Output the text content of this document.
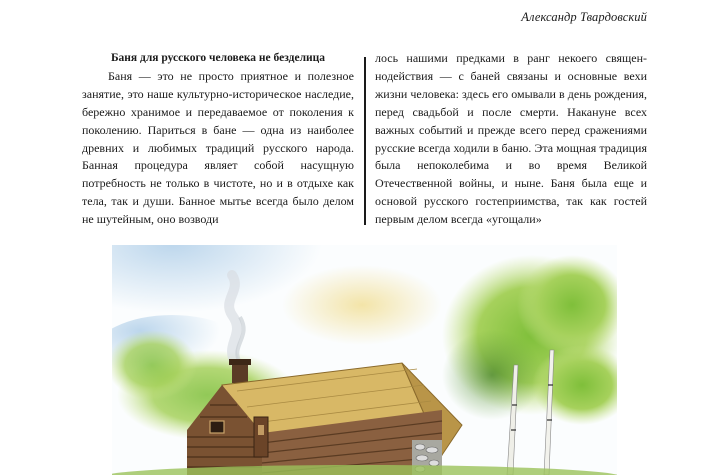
Александр Твардовский

Баня для русского человека не безделица

Баня — это не просто приятное и полезное занятие, это наше культурно-историческое наследие, бережно хранимое и передаваемое от поколения к поколению. Париться в бане — одна из наиболее древних и любимых традиций русского народа. Банная процедура являет собой насущную потребность не только в чистоте, но и в отдыхе как тела, так и души. Банное мытье всегда было делом не шутейным, оно возводи

лось нашими предками в ранг некоего священнодействия — с баней связаны и основные вехи жизни человека: здесь его омывали в день рождения, перед свадьбой и после смерти. Накануне всех важных событий и прежде всего перед сражениями русские всегда ходили в баню. Эта мощная традиция была непоколебима и во время Великой Отечественной войны, и ныне. Баня была еще и основой русского гостеприимства, так как гостей первым делом всегда «угощали»
